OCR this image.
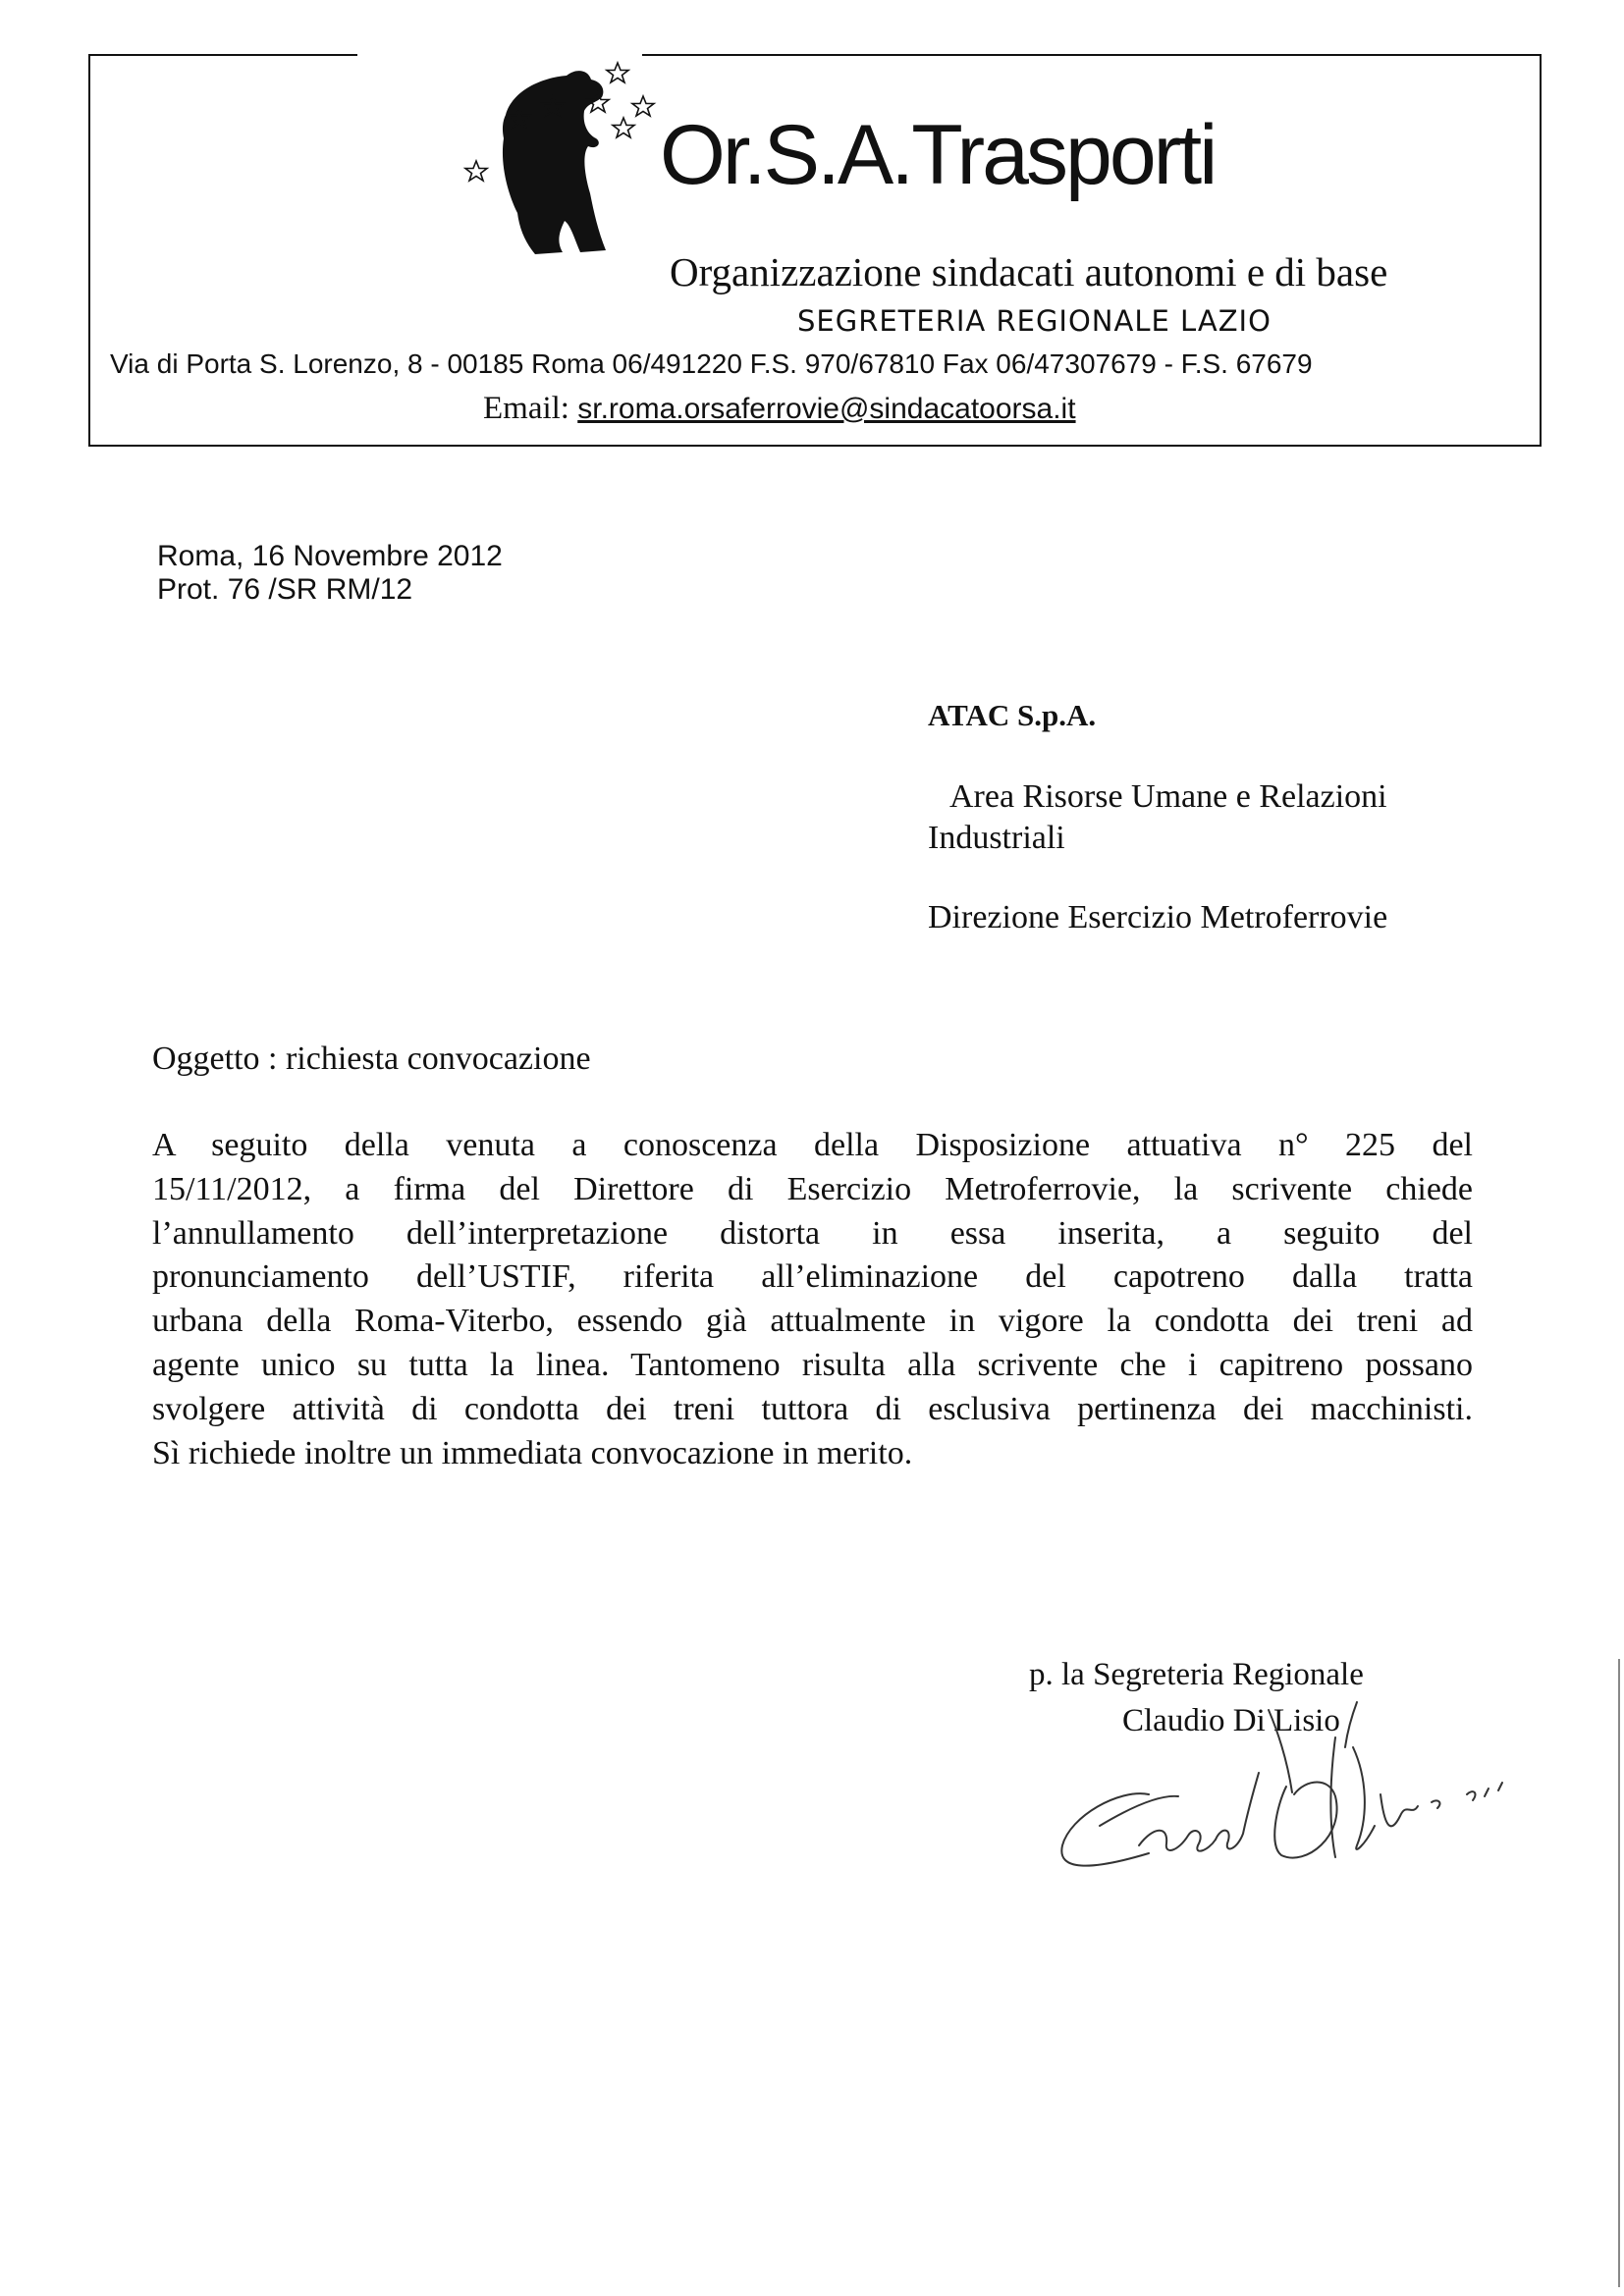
Or.S.A.Trasporti
Organizzazione sindacati autonomi e di base
SEGRETERIA REGIONALE LAZIO
Via di Porta S. Lorenzo, 8 - 00185 Roma 06/491220 F.S. 970/67810 Fax 06/47307679 - F.S. 67679
Email: sr.roma.orsaferrovie@sindacatoorsa.it
Roma, 16 Novembre 2012
Prot. 76 /SR RM/12
ATAC S.p.A.
Area Risorse Umane e Relazioni
Industriali
Direzione Esercizio Metroferrovie
Oggetto : richiesta convocazione

A seguito della venuta a conoscenza della Disposizione attuativa n° 225 del

15/11/2012, a firma del Direttore di Esercizio Metroferrovie, la scrivente chiede

l’annullamento dell’interpretazione distorta in essa inserita, a seguito del

pronunciamento dell’USTIF, riferita all’eliminazione del capotreno dalla tratta

urbana della Roma-Viterbo, essendo già attualmente in vigore la condotta dei treni ad

agente unico su tutta la linea. Tantomeno risulta alla scrivente che i capitreno possano

svolgere attività di condotta dei treni tuttora di esclusiva pertinenza dei macchinisti.

Sì richiede inoltre un immediata convocazione in merito.

p. la Segreteria Regionale
Claudio Di Lisio
